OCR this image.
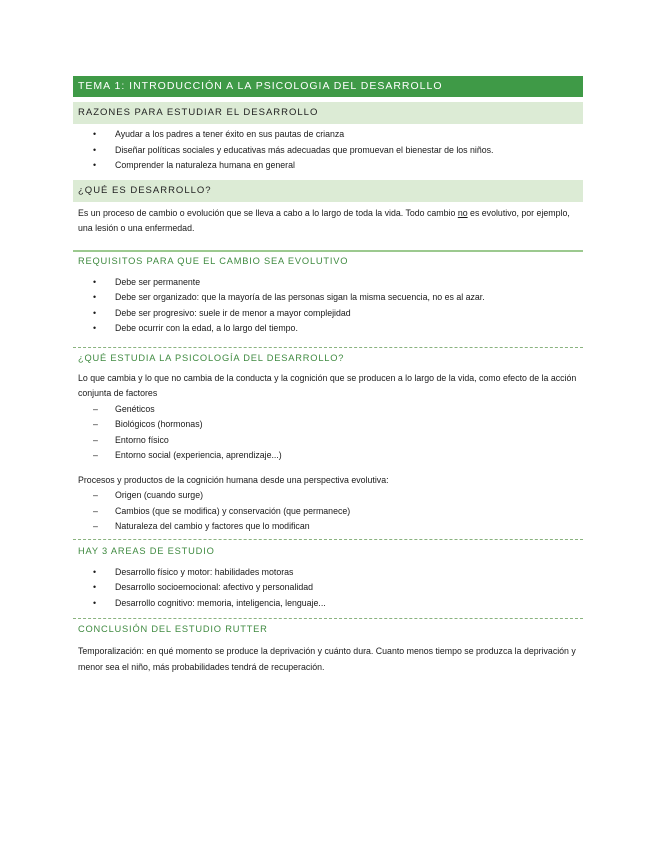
TEMA 1: INTRODUCCIÓN A LA PSICOLOGIA DEL DESARROLLO
RAZONES PARA ESTUDIAR EL DESARROLLO
•	Ayudar a los padres a tener éxito en sus pautas de crianza
•	Diseñar políticas sociales y educativas más adecuadas que promuevan el bienestar de los niños.
•	Comprender la naturaleza humana en general
¿QUÉ ES DESARROLLO?
Es un proceso de cambio o evolución que se lleva a cabo a lo largo de toda la vida. Todo cambio no es evolutivo, por ejemplo, una lesión o una enfermedad.
REQUISITOS PARA QUE EL CAMBIO SEA EVOLUTIVO
•	Debe ser permanente
•	Debe ser organizado: que la mayoría de las personas sigan la misma secuencia, no es al azar.
•	Debe ser progresivo: suele ir de menor a mayor complejidad
•	Debe ocurrir con la edad, a lo largo del tiempo.
¿QUÉ ESTUDIA LA PSICOLOGÍA DEL DESARROLLO?
Lo que cambia y lo que no cambia de la conducta y la cognición que se producen a lo largo de la vida, como efecto de la acción conjunta de factores
–	Genéticos
–	Biológicos (hormonas)
–	Entorno físico
–	Entorno social (experiencia, aprendizaje...)
Procesos y productos de la cognición humana desde una perspectiva evolutiva:
–	Origen (cuando surge)
–	Cambios (que se modifica) y conservación (que permanece)
–	Naturaleza del cambio y factores que lo modifican
HAY 3 AREAS DE ESTUDIO
•	Desarrollo físico y motor: habilidades motoras
•	Desarrollo socioemocional: afectivo y personalidad
•	Desarrollo cognitivo: memoria, inteligencia, lenguaje...
CONCLUSIÓN DEL ESTUDIO RUTTER
Temporalización: en qué momento se produce la deprivación y cuánto dura. Cuanto menos tiempo se produzca la deprivación y menor sea el niño, más probabilidades tendrá de recuperación.
